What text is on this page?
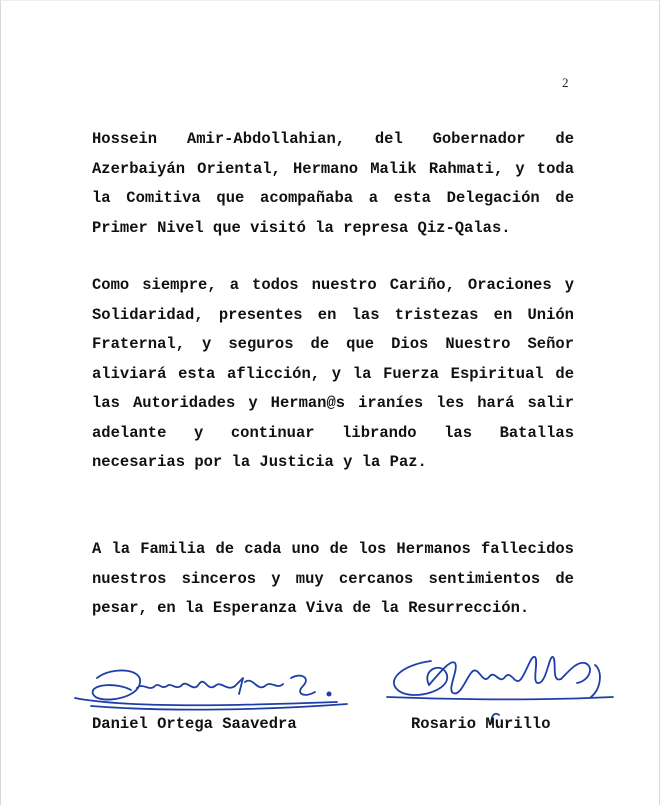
2

Hossein Amir-Abdollahian, del Gobernador de Azerbaiyán Oriental, Hermano Malik Rahmati, y toda la Comitiva que acompañaba a esta Delegación de Primer Nivel que visitó la represa Qiz-Qalas.

Como siempre, a todos nuestro Cariño, Oraciones y Solidaridad, presentes en las tristezas en Unión Fraternal, y seguros de que Dios Nuestro Señor aliviará esta aflicción, y la Fuerza Espiritual de las Autoridades y Herman@s iraníes les hará salir adelante y continuar librando las Batallas necesarias por la Justicia y la Paz.

A la Familia de cada uno de los Hermanos fallecidos nuestros sinceros y muy cercanos sentimientos de pesar, en la Esperanza Viva de la Resurrección.

Daniel Ortega Saavedra	Rosario Murillo
